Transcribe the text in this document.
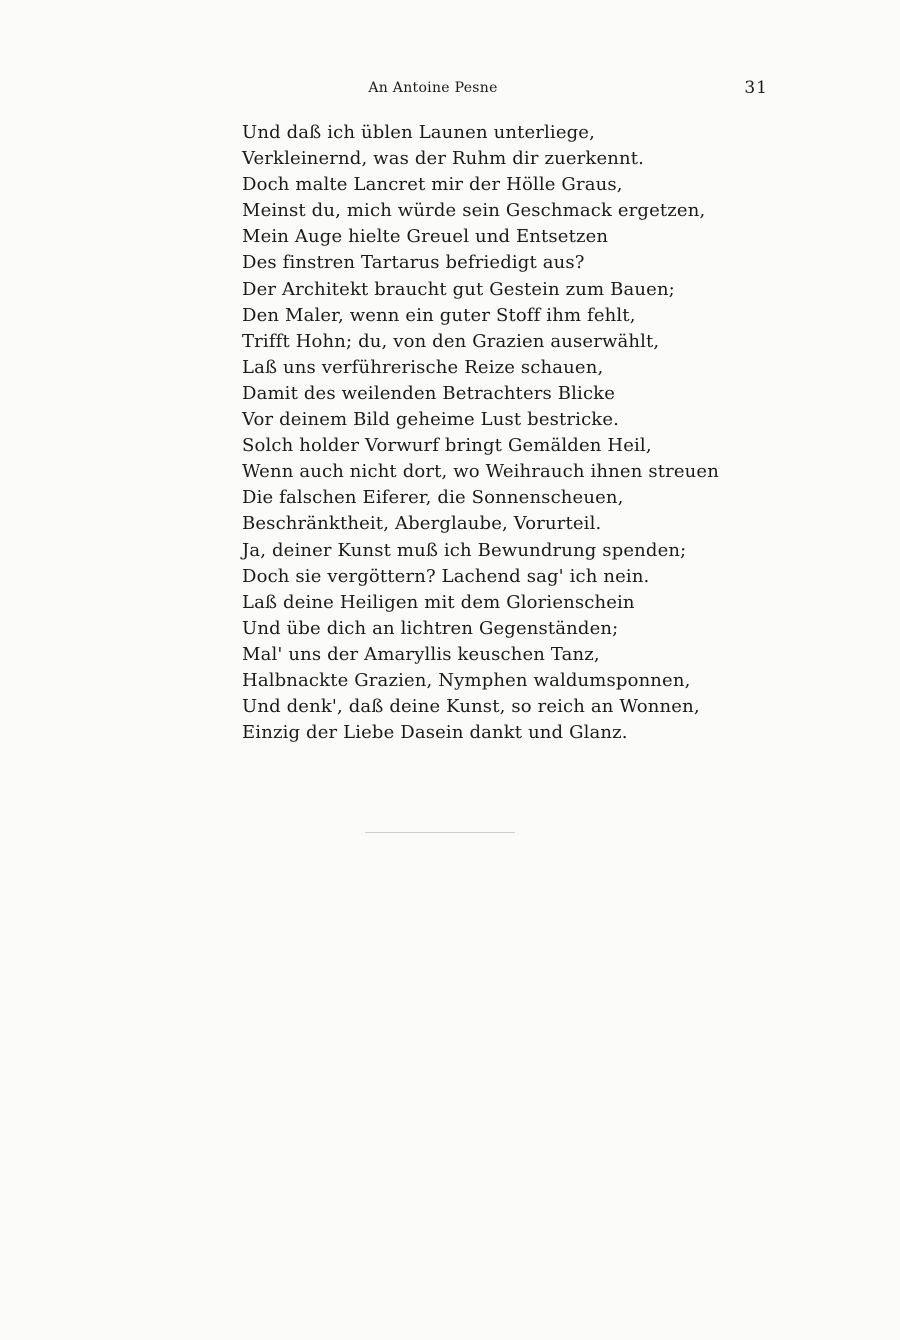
An Antoine Pesne	31
Und daß ich üblen Launen unterliege,
Verkleinernd, was der Ruhm dir zuerkennt.
Doch malte Lancret mir der Hölle Graus,
Meinst du, mich würde sein Geschmack ergetzen,
Mein Auge hielte Greuel und Entsetzen
Des finstren Tartarus befriedigt aus?
Der Architekt braucht gut Gestein zum Bauen;
Den Maler, wenn ein guter Stoff ihm fehlt,
Trifft Hohn; du, von den Grazien auserwählt,
Laß uns verführerische Reize schauen,
Damit des weilenden Betrachters Blicke
Vor deinem Bild geheime Lust bestricke.
Solch holder Vorwurf bringt Gemälden Heil,
Wenn auch nicht dort, wo Weihrauch ihnen streuen
Die falschen Eiferer, die Sonnenscheuen,
Beschränktheit, Aberglaube, Vorurteil.
Ja, deiner Kunst muß ich Bewundrung spenden;
Doch sie vergöttern? Lachend sag' ich nein.
Laß deine Heiligen mit dem Glorienschein
Und übe dich an lichtren Gegenständen;
Mal' uns der Amaryllis keuschen Tanz,
Halbnackte Grazien, Nymphen waldumsponnen,
Und denk', daß deine Kunst, so reich an Wonnen,
Einzig der Liebe Dasein dankt und Glanz.
